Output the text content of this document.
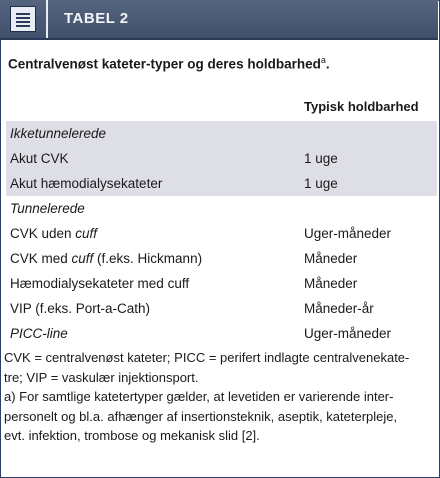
TABEL 2
Centralvenøst kateter-typer og deres holdbarhed$^a$.
Typisk holdbarhed
Ikketunnelerede
Akut CVK	1 uge
Akut hæmodialysekateter	1 uge
Tunnelerede
CVK uden cuff	Uger-måneder
CVK med cuff (f.eks. Hickmann)	Måneder
Hæmodialysekateter med cuff	Måneder
VIP (f.eks. Port-a-Cath)	Måneder-år
PICC-line	Uger-måneder

CVK = centralvenøst kateter; PICC = perifert indlagte centralvenekate-

tre; VIP = vaskulær injektionsport.

a) For samtlige katetertyper gælder, at levetiden er varierende inter-

personelt og bl.a. afhænger af insertionsteknik, aseptik, kateterpleje,

evt. infektion, trombose og mekanisk slid [2].
